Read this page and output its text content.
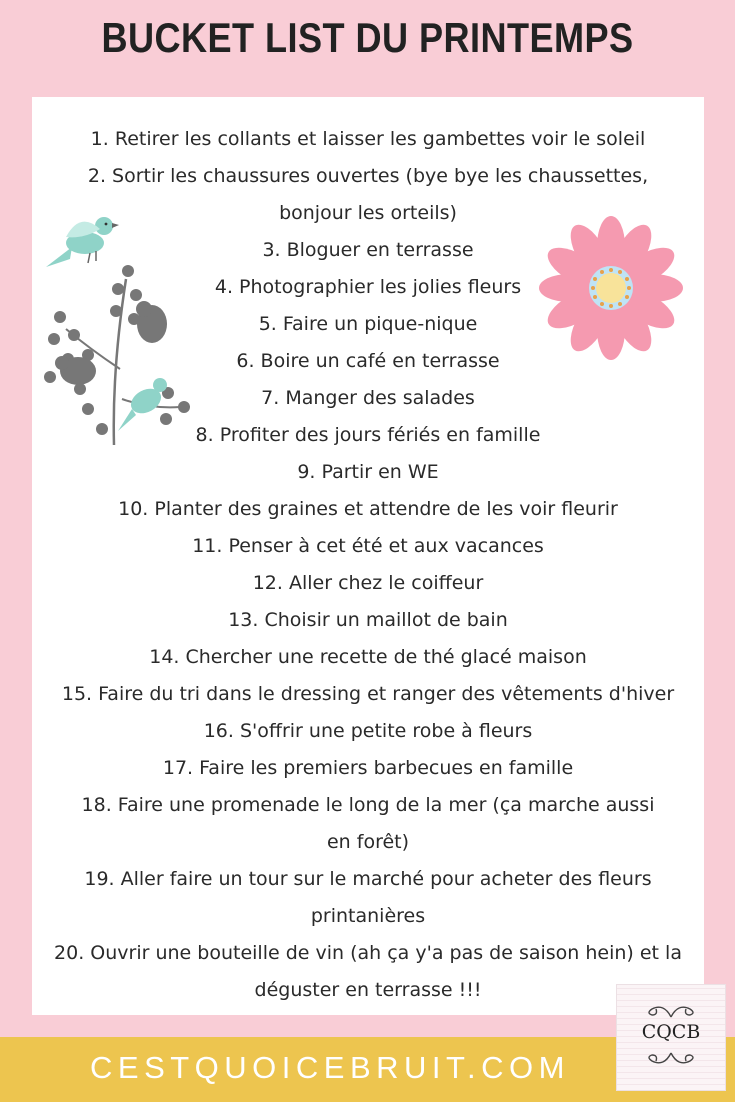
BUCKET LIST DU PRINTEMPS
1. Retirer les collants et laisser les gambettes voir le soleil
2. Sortir les chaussures ouvertes (bye bye les chaussettes, bonjour les orteils)
3. Bloguer en terrasse
4. Photographier les jolies fleurs
5. Faire un pique-nique
6. Boire un café en terrasse
7. Manger des salades
8. Profiter des jours fériés en famille
9. Partir en WE
10. Planter des graines et attendre de les voir fleurir
11. Penser à cet été et aux vacances
12. Aller chez le coiffeur
13. Choisir un maillot de bain
14. Chercher une recette de thé glacé maison
15. Faire du tri dans le dressing et ranger des vêtements d'hiver
16. S'offrir une petite robe à fleurs
17. Faire les premiers barbecues en famille
18. Faire une promenade le long de la mer (ça marche aussi en forêt)
19. Aller faire un tour sur le marché pour acheter des fleurs printanières
20. Ouvrir une bouteille de vin (ah ça y'a pas de saison hein) et la déguster en terrasse !!!
CQCB
CESTQUOICEBRUIT.COM
